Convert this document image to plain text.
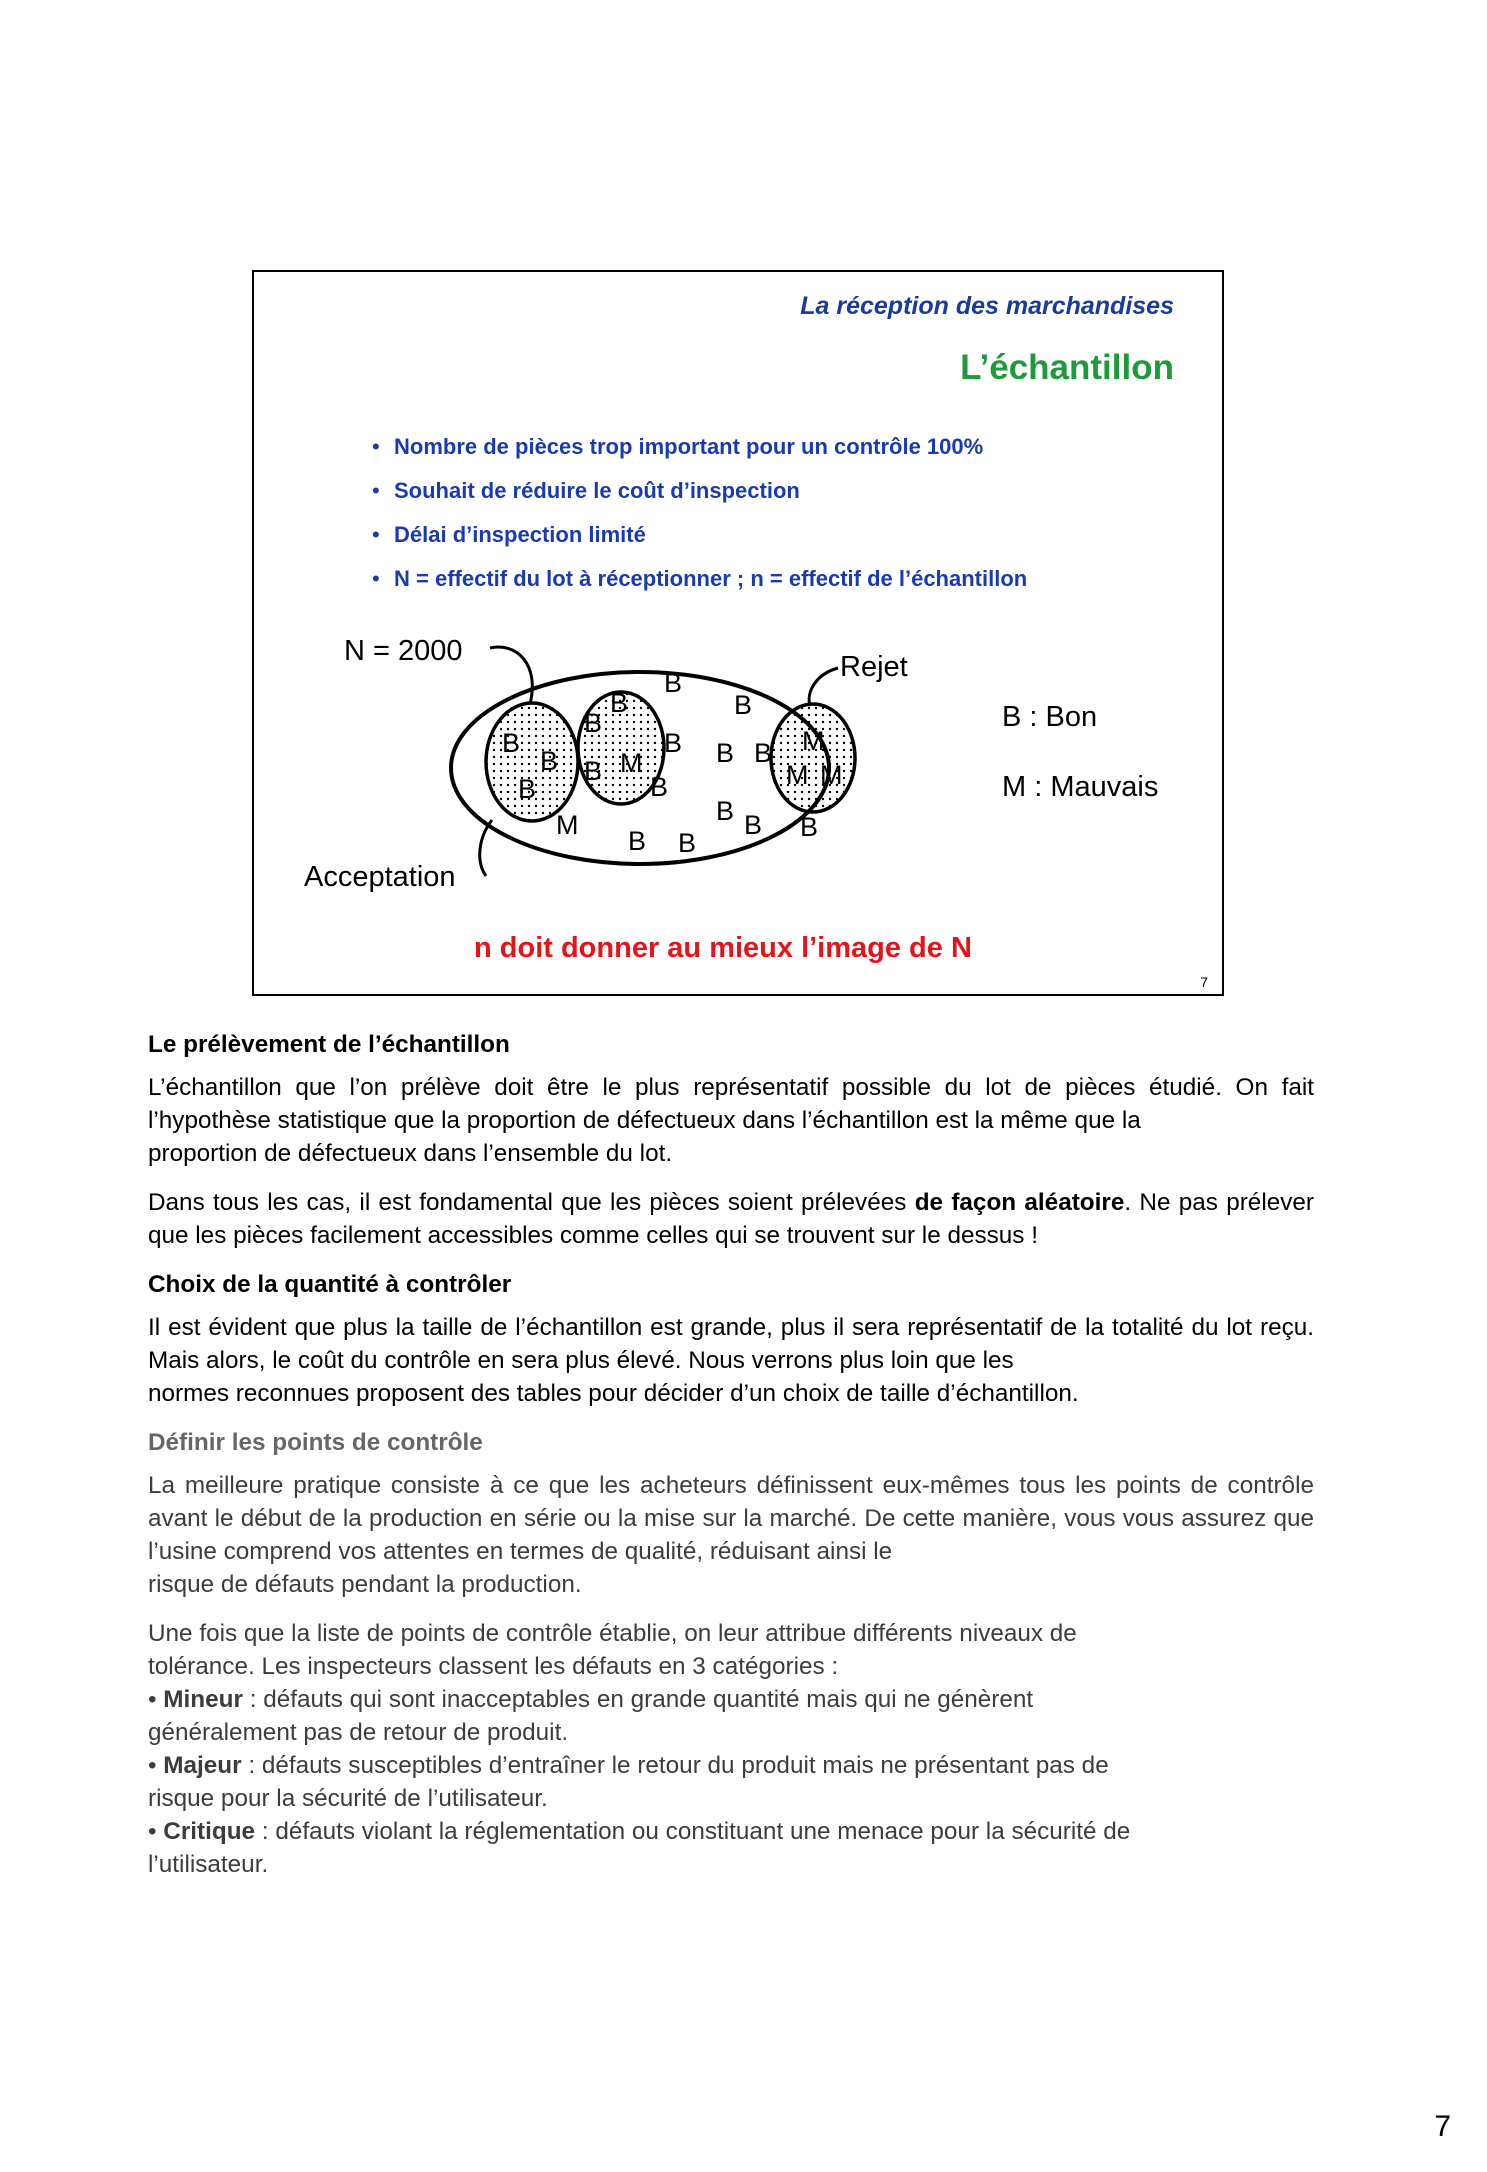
La réception des marchandises
L’échantillon
• Nombre de pièces trop important pour un contrôle 100%
• Souhait de réduire le coût d’inspection
• Délai d’inspection limité
• N = effectif du lot à réceptionner ; n = effectif de l’échantillon
N = 2000	Rejet
Acceptation
B : Bon
M : Mauvais
B
B
B
M
B
B
B
B
B
M
B
B B
B
B B
B B B
M
M M
n doit donner au mieux l’image de N
7
Le prélèvement de l’échantillon
L’échantillon que l’on prélève doit être le plus représentatif possible du lot de pièces étudié. On fait l’hypothèse statistique que la proportion de défectueux dans l’échantillon est la même que la
proportion de défectueux dans l’ensemble du lot.
Dans tous les cas, il est fondamental que les pièces soient prélevées de façon aléatoire. Ne pas prélever que les pièces facilement accessibles comme celles qui se trouvent sur le dessus !
Choix de la quantité à contrôler
Il est évident que plus la taille de l’échantillon est grande, plus il sera représentatif de la totalité du lot reçu. Mais alors, le coût du contrôle en sera plus élevé. Nous verrons plus loin que les
normes reconnues proposent des tables pour décider d’un choix de taille d’échantillon.
Définir les points de contrôle
La meilleure pratique consiste à ce que les acheteurs définissent eux-mêmes tous les points de contrôle avant le début de la production en série ou la mise sur la marché. De cette manière, vous vous assurez que l’usine comprend vos attentes en termes de qualité, réduisant ainsi le
risque de défauts pendant la production.
Une fois que la liste de points de contrôle établie, on leur attribue différents niveaux de
tolérance. Les inspecteurs classent les défauts en 3 catégories :
• Mineur : défauts qui sont inacceptables en grande quantité mais qui ne génèrent
généralement pas de retour de produit.
• Majeur : défauts susceptibles d’entraîner le retour du produit mais ne présentant pas de
risque pour la sécurité de l’utilisateur.
• Critique : défauts violant la réglementation ou constituant une menace pour la sécurité de
l’utilisateur.
7
